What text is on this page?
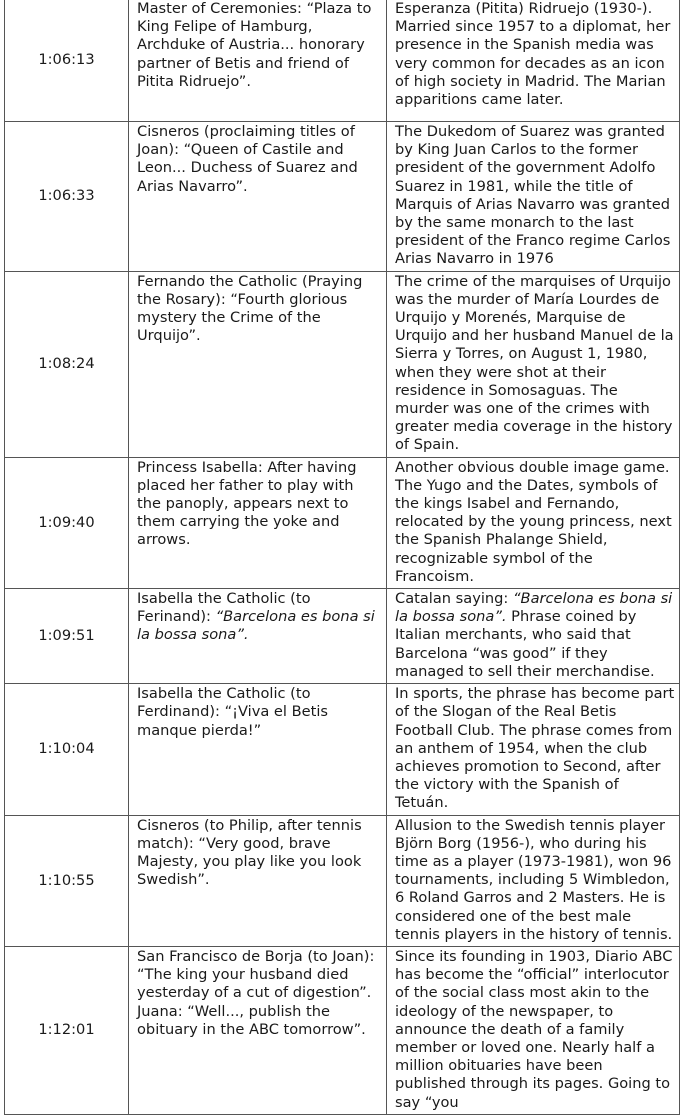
1:06:13	Master of Ceremonies: “Plaza to King Felipe of Hamburg, Archduke of Austria... honorary partner of Betis and friend of Pitita Ridruejo”.	Esperanza (Pitita) Ridruejo (1930-). Married since 1957 to a diplomat, her presence in the Spanish media was very common for decades as an icon of high society in Madrid. The Marian apparitions came later.
1:06:33	Cisneros (proclaiming titles of Joan): “Queen of Castile and Leon... Duchess of Suarez and Arias Navarro”.	The Dukedom of Suarez was granted by King Juan Carlos to the former president of the government Adolfo Suarez in 1981, while the title of Marquis of Arias Navarro was granted by the same monarch to the last president of the Franco regime Carlos Arias Navarro in 1976
1:08:24	Fernando the Catholic (Praying the Rosary): “Fourth glorious mystery the Crime of the Urquijo”.	The crime of the marquises of Urquijo was the murder of María Lourdes de Urquijo y Morenés, Marquise de Urquijo and her husband Manuel de la Sierra y Torres, on August 1, 1980, when they were shot at their residence in Somosaguas. The murder was one of the crimes with greater media coverage in the history of Spain.
1:09:40	Princess Isabella: After having placed her father to play with the panoply, appears next to them carrying the yoke and arrows.	Another obvious double image game. The Yugo and the Dates, symbols of the kings Isabel and Fernando, relocated by the young princess, next the Spanish Phalange Shield, recognizable symbol of the Francoism.
1:09:51	Isabella the Catholic (to Ferinand): “Barcelona es bona si la bossa sona”.	Catalan saying: “Barcelona es bona si la bossa sona”. Phrase coined by Italian merchants, who said that Barcelona “was good” if they managed to sell their merchandise.
1:10:04	Isabella the Catholic (to Ferdinand): “¡Viva el Betis manque pierda!”	In sports, the phrase has become part of the Slogan of the Real Betis Football Club. The phrase comes from an anthem of 1954, when the club achieves promotion to Second, after the victory with the Spanish of Tetuán.
1:10:55	Cisneros (to Philip, after tennis match): “Very good, brave Majesty, you play like you look Swedish”.	Allusion to the Swedish tennis player Björn Borg (1956-), who during his time as a player (1973-1981), won 96 tournaments, including 5 Wimbledon, 6 Roland Garros and 2 Masters. He is considered one of the best male tennis players in the history of tennis.
1:12:01	San Francisco de Borja (to Joan): “The king your husband died yesterday of a cut of digestion”. Juana: “Well..., publish the obituary in the ABC tomorrow”.	Since its founding in 1903, Diario ABC has become the “official” interlocutor of the social class most akin to the ideology of the newspaper, to announce the death of a family member or loved one. Nearly half a million obituaries have been published through its pages. Going to say “you
